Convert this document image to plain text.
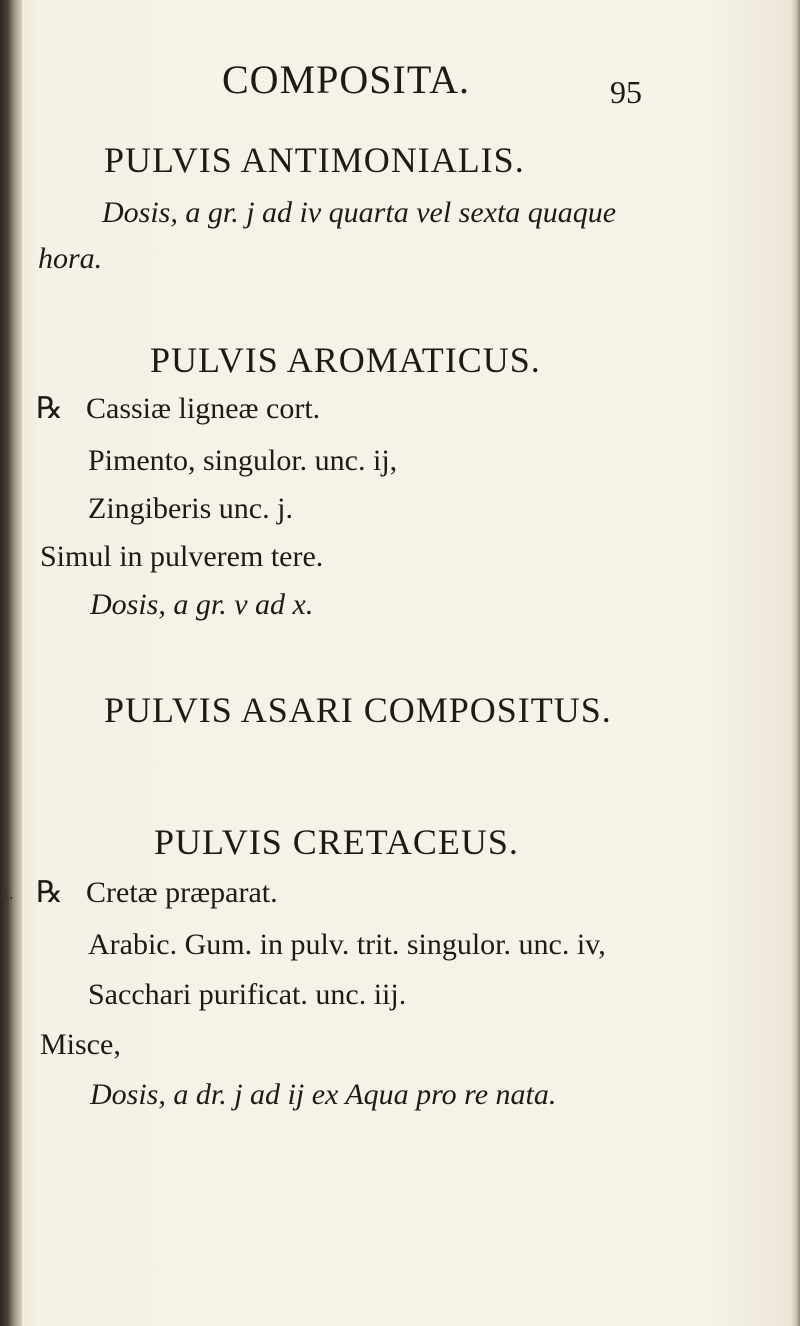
COMPOSITA.	95
PULVIS ANTIMONIALIS.
Dosis, a gr. j ad iv quarta vel sexta quaque
hora.
PULVIS AROMATICUS.
℞ Cassiæ ligneæ cort.
Pimento, singulor. unc. ij,
Zingiberis unc. j.
Simul in pulverem tere.
Dosis, a gr. v ad x.
PULVIS ASARI COMPOSITUS.
PULVIS CRETACEUS.
t. ℞ Cretæ præparat.
Arabic. Gum. in pulv. trit. singulor. unc. iv,
Sacchari purificat. unc. iij.
Misce,
Dosis, a dr. j ad ij ex Aqua pro re nata.
